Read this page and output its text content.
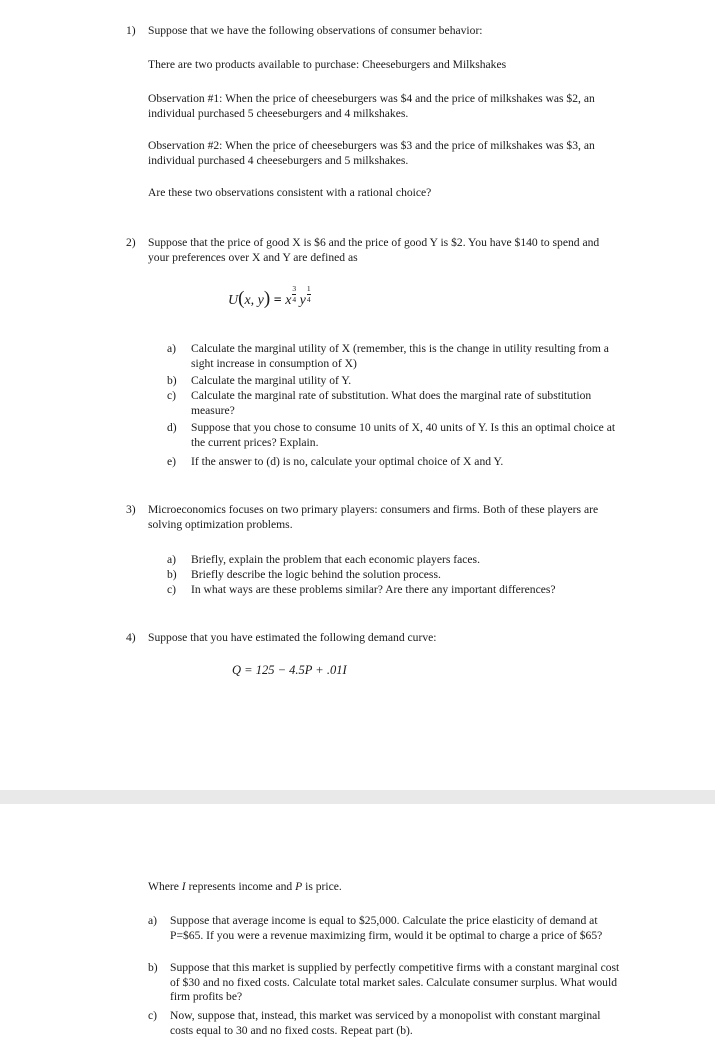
1) Suppose that we have the following observations of consumer behavior:
There are two products available to purchase: Cheeseburgers and Milkshakes
Observation #1: When the price of cheeseburgers was $4 and the price of milkshakes was $2, an individual purchased 5 cheeseburgers and 4 milkshakes.
Observation #2: When the price of cheeseburgers was $3 and the price of milkshakes was $3, an individual purchased 4 cheeseburgers and 5 milkshakes.
Are these two observations consistent with a rational choice?
2) Suppose that the price of good X is $6 and the price of good Y is $2. You have $140 to spend and your preferences over X and Y are defined as
U(x, y) = x $\frac{3}{4}$ y $\frac{1}{4}$
a) Calculate the marginal utility of X (remember, this is the change in utility resulting from a sight increase in consumption of X)
b) Calculate the marginal utility of Y.
c) Calculate the marginal rate of substitution. What does the marginal rate of substitution measure?
d) Suppose that you chose to consume 10 units of X, 40 units of Y. Is this an optimal choice at the current prices? Explain.
e) If the answer to (d) is no, calculate your optimal choice of X and Y.
3) Microeconomics focuses on two primary players: consumers and firms. Both of these players are solving optimization problems.
a) Briefly, explain the problem that each economic players faces.
b) Briefly describe the logic behind the solution process.
c) In what ways are these problems similar? Are there any important differences?
4) Suppose that you have estimated the following demand curve:
Q = 125 − 4.5P + .01I
Where I represents income and P is price.
a) Suppose that average income is equal to $25,000. Calculate the price elasticity of demand at P=$65. If you were a revenue maximizing firm, would it be optimal to charge a price of $65?
b) Suppose that this market is supplied by perfectly competitive firms with a constant marginal cost of $30 and no fixed costs. Calculate total market sales. Calculate consumer surplus. What would firm profits be?
c) Now, suppose that, instead, this market was serviced by a monopolist with constant marginal costs equal to 30 and no fixed costs. Repeat part (b).
